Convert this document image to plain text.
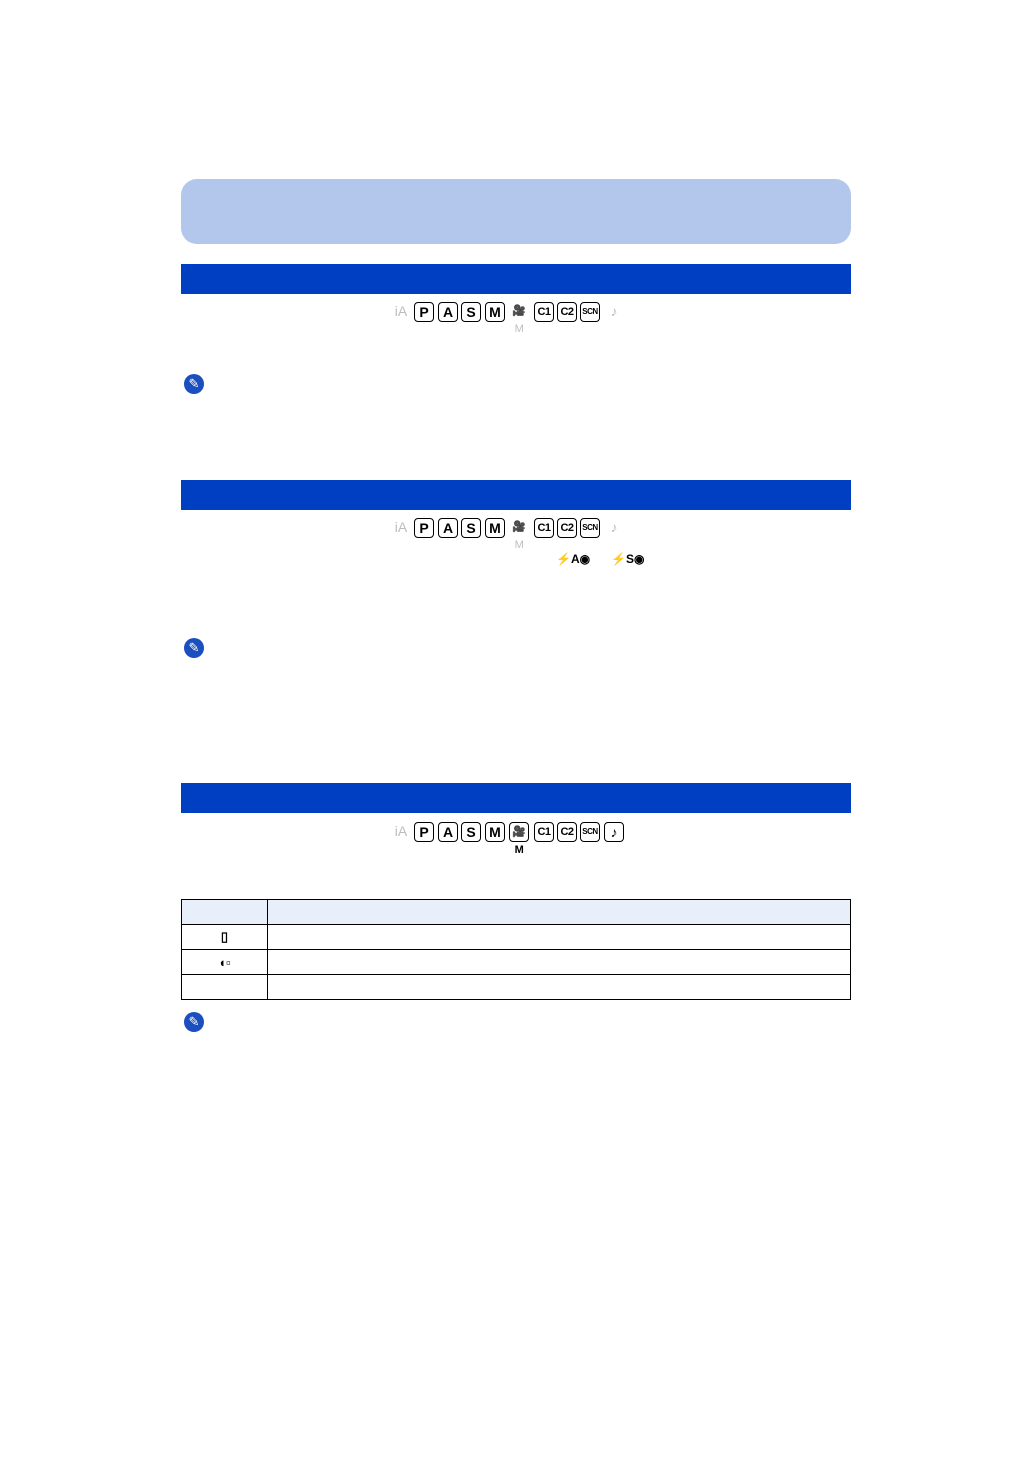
iA P	A S M	🎥M
C1 C2	SCN ♪
✎
iA P	A S M	🎥M
C1 C2	SCN ♪
⚡A◉ ⚡S◉
✎
iA P	A S M	🎥M
C1 C2	SCN ♪

▯	
◖▫	

✎
